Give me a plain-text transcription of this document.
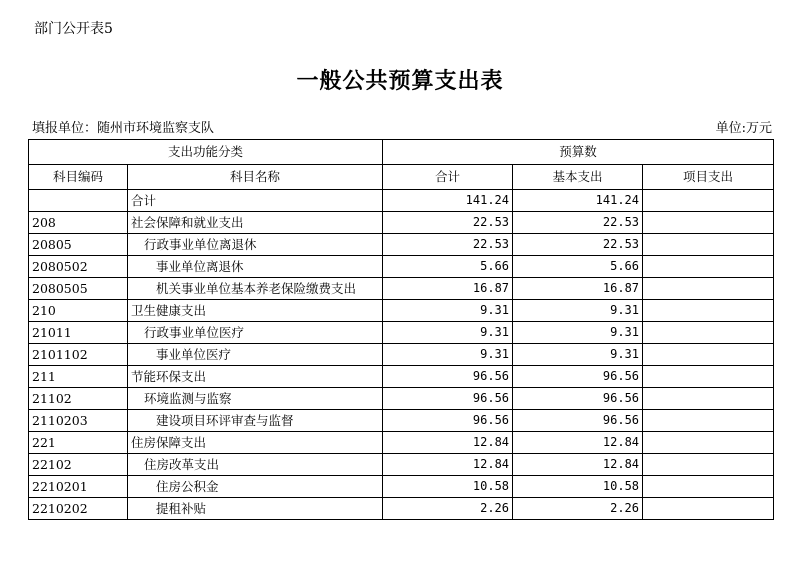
部门公开表5
一般公共预算支出表
填报单位：随州市环境监察支队	单位:万元
支出功能分类		预算数		
科目编码	科目名称	合计	基本支出	项目支出
	合计	141.24	141.24	
208	社会保障和就业支出	22.53	22.53	
20805	行政事业单位离退休	22.53	22.53	
2080502	事业单位离退休	5.66	5.66	
2080505	机关事业单位基本养老保险缴费支出	16.87	16.87	
210	卫生健康支出	9.31	9.31	
21011	行政事业单位医疗	9.31	9.31	
2101102	事业单位医疗	9.31	9.31	
211	节能环保支出	96.56	96.56	
21102	环境监测与监察	96.56	96.56	
2110203	建设项目环评审查与监督	96.56	96.56	
221	住房保障支出	12.84	12.84	
22102	住房改革支出	12.84	12.84	
2210201	住房公积金	10.58	10.58	
2210202	提租补贴	2.26	2.26	
